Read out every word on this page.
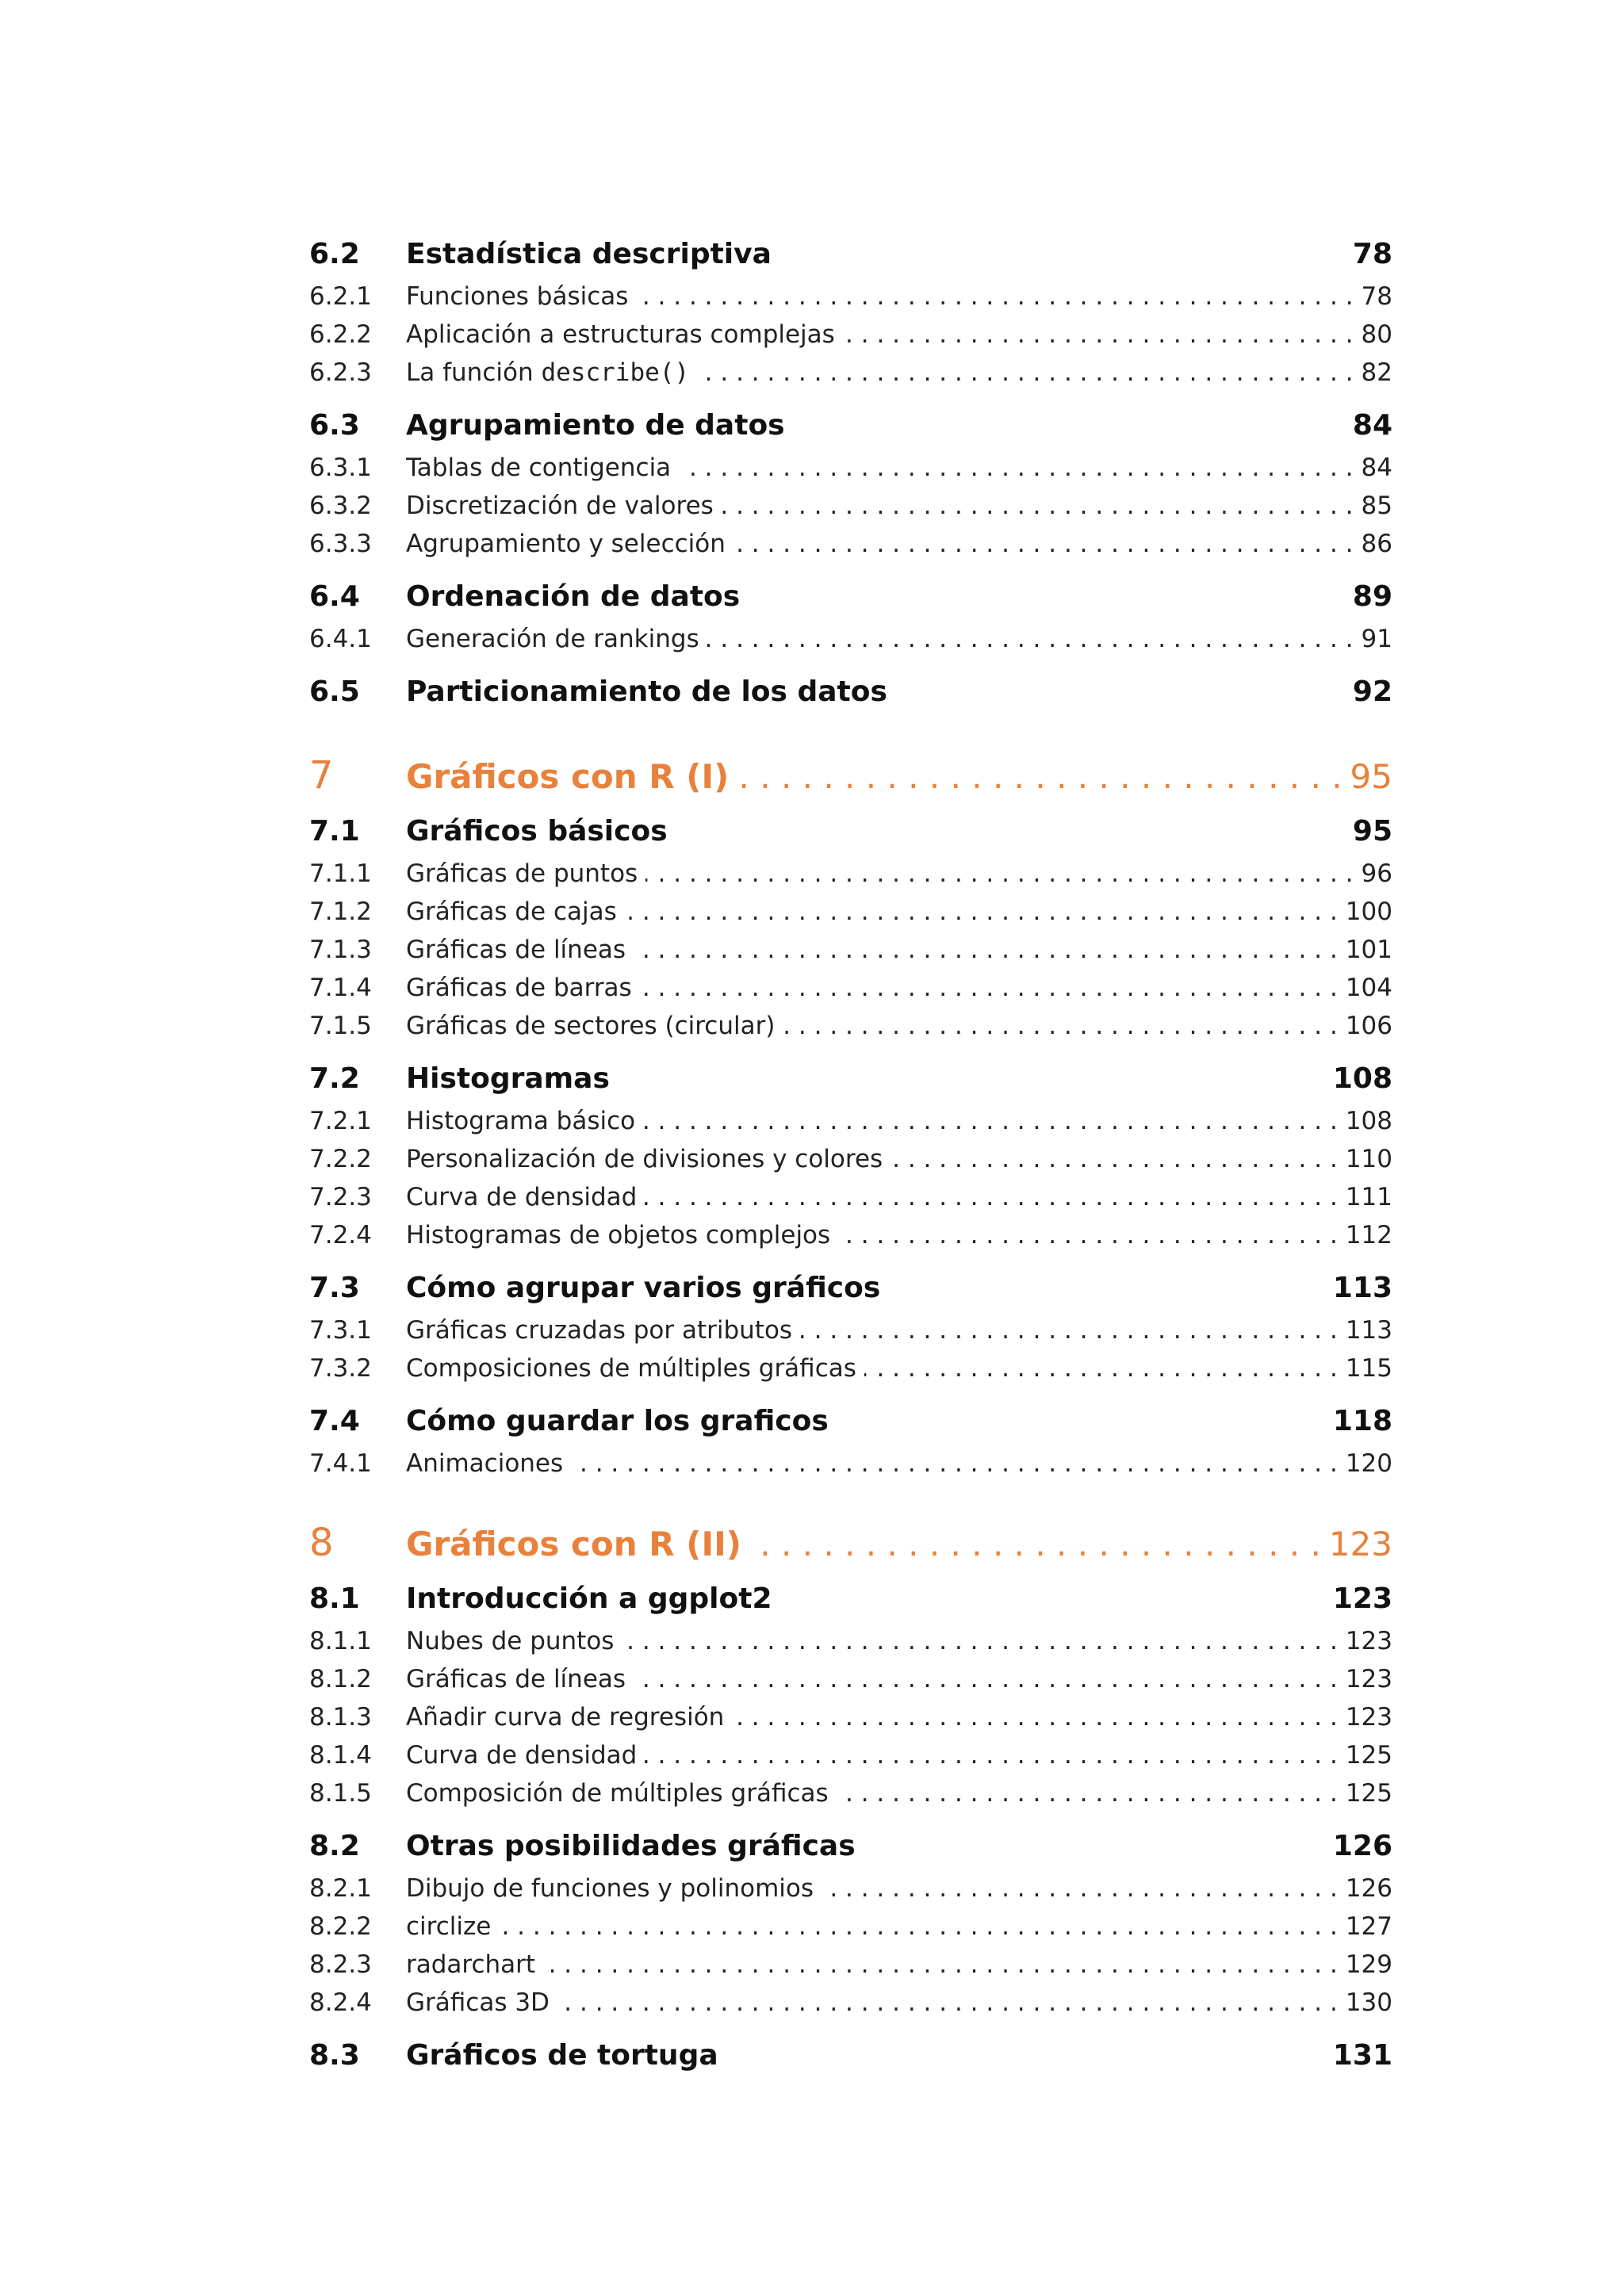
6.2	Estadística descriptiva	78
6.2.1	Funciones básicas . . .	78
6.2.2	Aplicación a estructuras complejas . . .	80
6.2.3	La función describe() . . .	82
6.3	Agrupamiento de datos	84
6.3.1	Tablas de contigencia . . .	84
6.3.2	Discretización de valores . . .	85
6.3.3	Agrupamiento y selección . . .	86
6.4	Ordenación de datos	89
6.4.1	Generación de rankings . . .	91
6.5	Particionamiento de los datos	92
7	Gráficos con R (I) . . .	95
7.1	Gráficos básicos	95
7.1.1	Gráficas de puntos . . .	96
7.1.2	Gráficas de cajas . . .	100
7.1.3	Gráficas de líneas . . .	101
7.1.4	Gráficas de barras . . .	104
7.1.5	Gráficas de sectores (circular) . . .	106
7.2	Histogramas	108
7.2.1	Histograma básico . . .	108
7.2.2	Personalización de divisiones y colores . . .	110
7.2.3	Curva de densidad . . .	111
7.2.4	Histogramas de objetos complejos . . .	112
7.3	Cómo agrupar varios gráficos	113
7.3.1	Gráficas cruzadas por atributos . . .	113
7.3.2	Composiciones de múltiples gráficas . . .	115
7.4	Cómo guardar los graficos	118
7.4.1	Animaciones . . .	120
8	Gráficos con R (II) . . .	123
8.1	Introducción a ggplot2	123
8.1.1	Nubes de puntos . . .	123
8.1.2	Gráficas de líneas . . .	123
8.1.3	Añadir curva de regresión . . .	123
8.1.4	Curva de densidad . . .	125
8.1.5	Composición de múltiples gráficas . . .	125
8.2	Otras posibilidades gráficas	126
8.2.1	Dibujo de funciones y polinomios . . .	126
8.2.2	circlize . . .	127
8.2.3	radarchart . . .	129
8.2.4	Gráficas 3D . . .	130
8.3	Gráficos de tortuga	131
